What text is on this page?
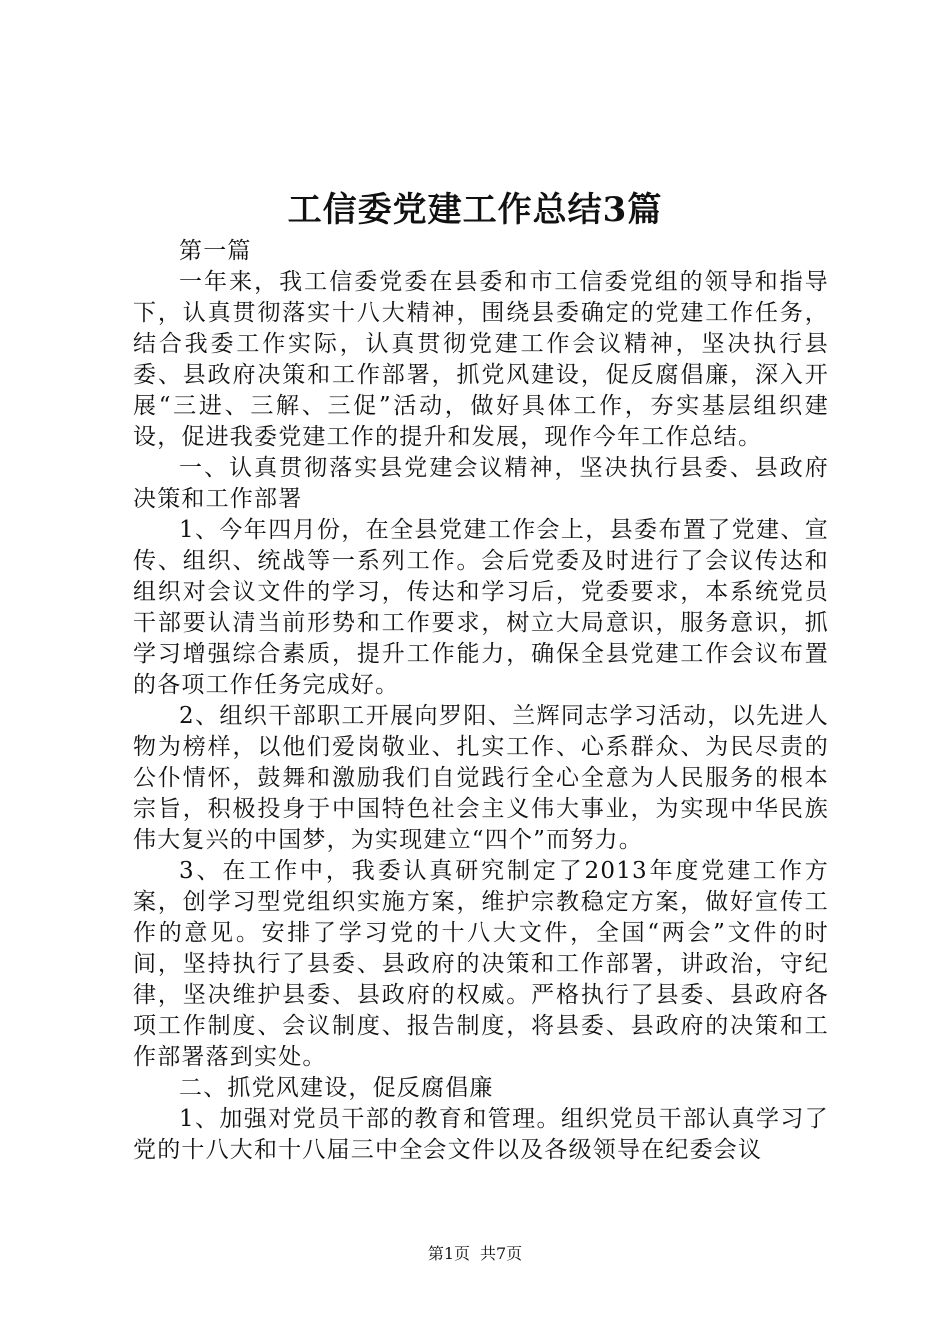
工信委党建工作总结3篇

第一篇

一年来，我工信委党委在县委和市工信委党组的领导和指导下，认真贯彻落实十八大精神，围绕县委确定的党建工作任务，结合我委工作实际，认真贯彻党建工作会议精神，坚决执行县委、县政府决策和工作部署，抓党风建设，促反腐倡廉，深入开展“三进、三解、三促”活动，做好具体工作，夯实基层组织建设，促进我委党建工作的提升和发展，现作今年工作总结。

一、认真贯彻落实县党建会议精神，坚决执行县委、县政府决策和工作部署

1、今年四月份，在全县党建工作会上，县委布置了党建、宣传、组织、统战等一系列工作。会后党委及时进行了会议传达和组织对会议文件的学习，传达和学习后，党委要求，本系统党员干部要认清当前形势和工作要求，树立大局意识，服务意识，抓学习增强综合素质，提升工作能力，确保全县党建工作会议布置的各项工作任务完成好。

2、组织干部职工开展向罗阳、兰辉同志学习活动，以先进人物为榜样，以他们爱岗敬业、扎实工作、心系群众、为民尽责的公仆情怀，鼓舞和激励我们自觉践行全心全意为人民服务的根本宗旨，积极投身于中国特色社会主义伟大事业，为实现中华民族伟大复兴的中国梦，为实现建立“四个”而努力。

3、在工作中，我委认真研究制定了2013年度党建工作方案，创学习型党组织实施方案，维护宗教稳定方案，做好宣传工作的意见。安排了学习党的十八大文件，全国“两会”文件的时间，坚持执行了县委、县政府的决策和工作部署，讲政治，守纪律，坚决维护县委、县政府的权威。严格执行了县委、县政府各项工作制度、会议制度、报告制度，将县委、县政府的决策和工作部署落到实处。

二、抓党风建设，促反腐倡廉

1、加强对党员干部的教育和管理。组织党员干部认真学习了党的十八大和十八届三中全会文件以及各级领导在纪委会议

第1页 共7页
